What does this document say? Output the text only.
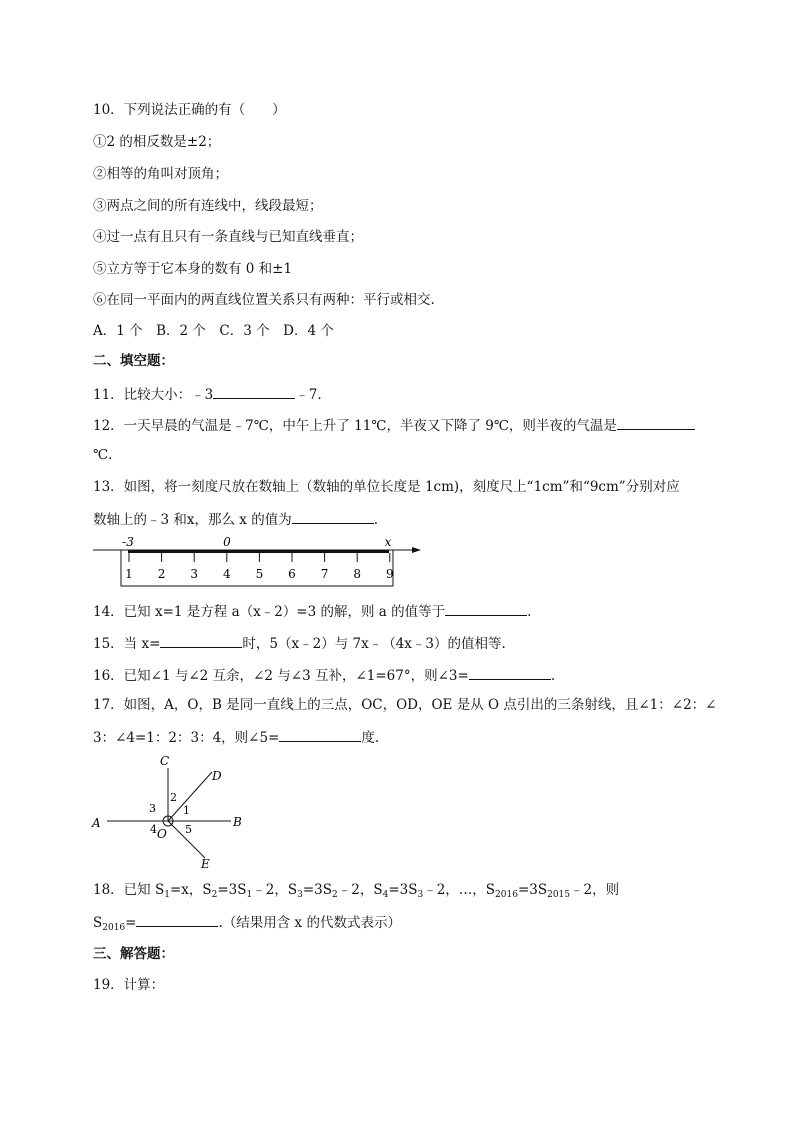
10．下列说法正确的有（　　）
①2 的相反数是±2；
②相等的角叫对顶角；
③两点之间的所有连线中，线段最短；
④过一点有且只有一条直线与已知直线垂直；
⑤立方等于它本身的数有 0 和±1
⑥在同一平面内的两直线位置关系只有两种：平行或相交.
A．1 个　B．2 个　C．3 个　D．4 个
二、填空题：
11．比较大小：﹣3	﹣7.
12．一天早晨的气温是﹣7℃，中午上升了 11℃，半夜又下降了 9℃，则半夜的气温是
℃.
13．如图，将一刻度尺放在数轴上（数轴的单位长度是 1cm)，刻度尺上“1cm”和“9cm”分别对应
数轴上的﹣3 和x，那么 x 的值为	.
-3	0	x
1 2 3 4 5 6 7 8 9
14．已知 x=1 是方程 a（x﹣2）=3 的解，则 a 的值等于	.
15．当 x=	时，5（x﹣2）与 7x﹣（4x﹣3）的值相等.
16．已知∠1 与∠2 互余，∠2 与∠3 互补，∠1=67°，则∠3=	.
17．如图，A，O，B 是同一直线上的三点，OC，OD，OE 是从 O 点引出的三条射线，且∠1：∠2：∠
3：∠4=1：2：3：4，则∠5=	度.
A	B
C
D
E
O
1
2
3
4	5
18．已知 $S_1=x$，$S_2=3S_1﹣2$，$S_3=3S_2﹣2$，$S_4=3S_3﹣2$，…，$S_{2016}=3S_{2015}﹣2$，则
$S_{2016}=$	.（结果用含 x 的代数式表示）
三、解答题：
19．计算：
